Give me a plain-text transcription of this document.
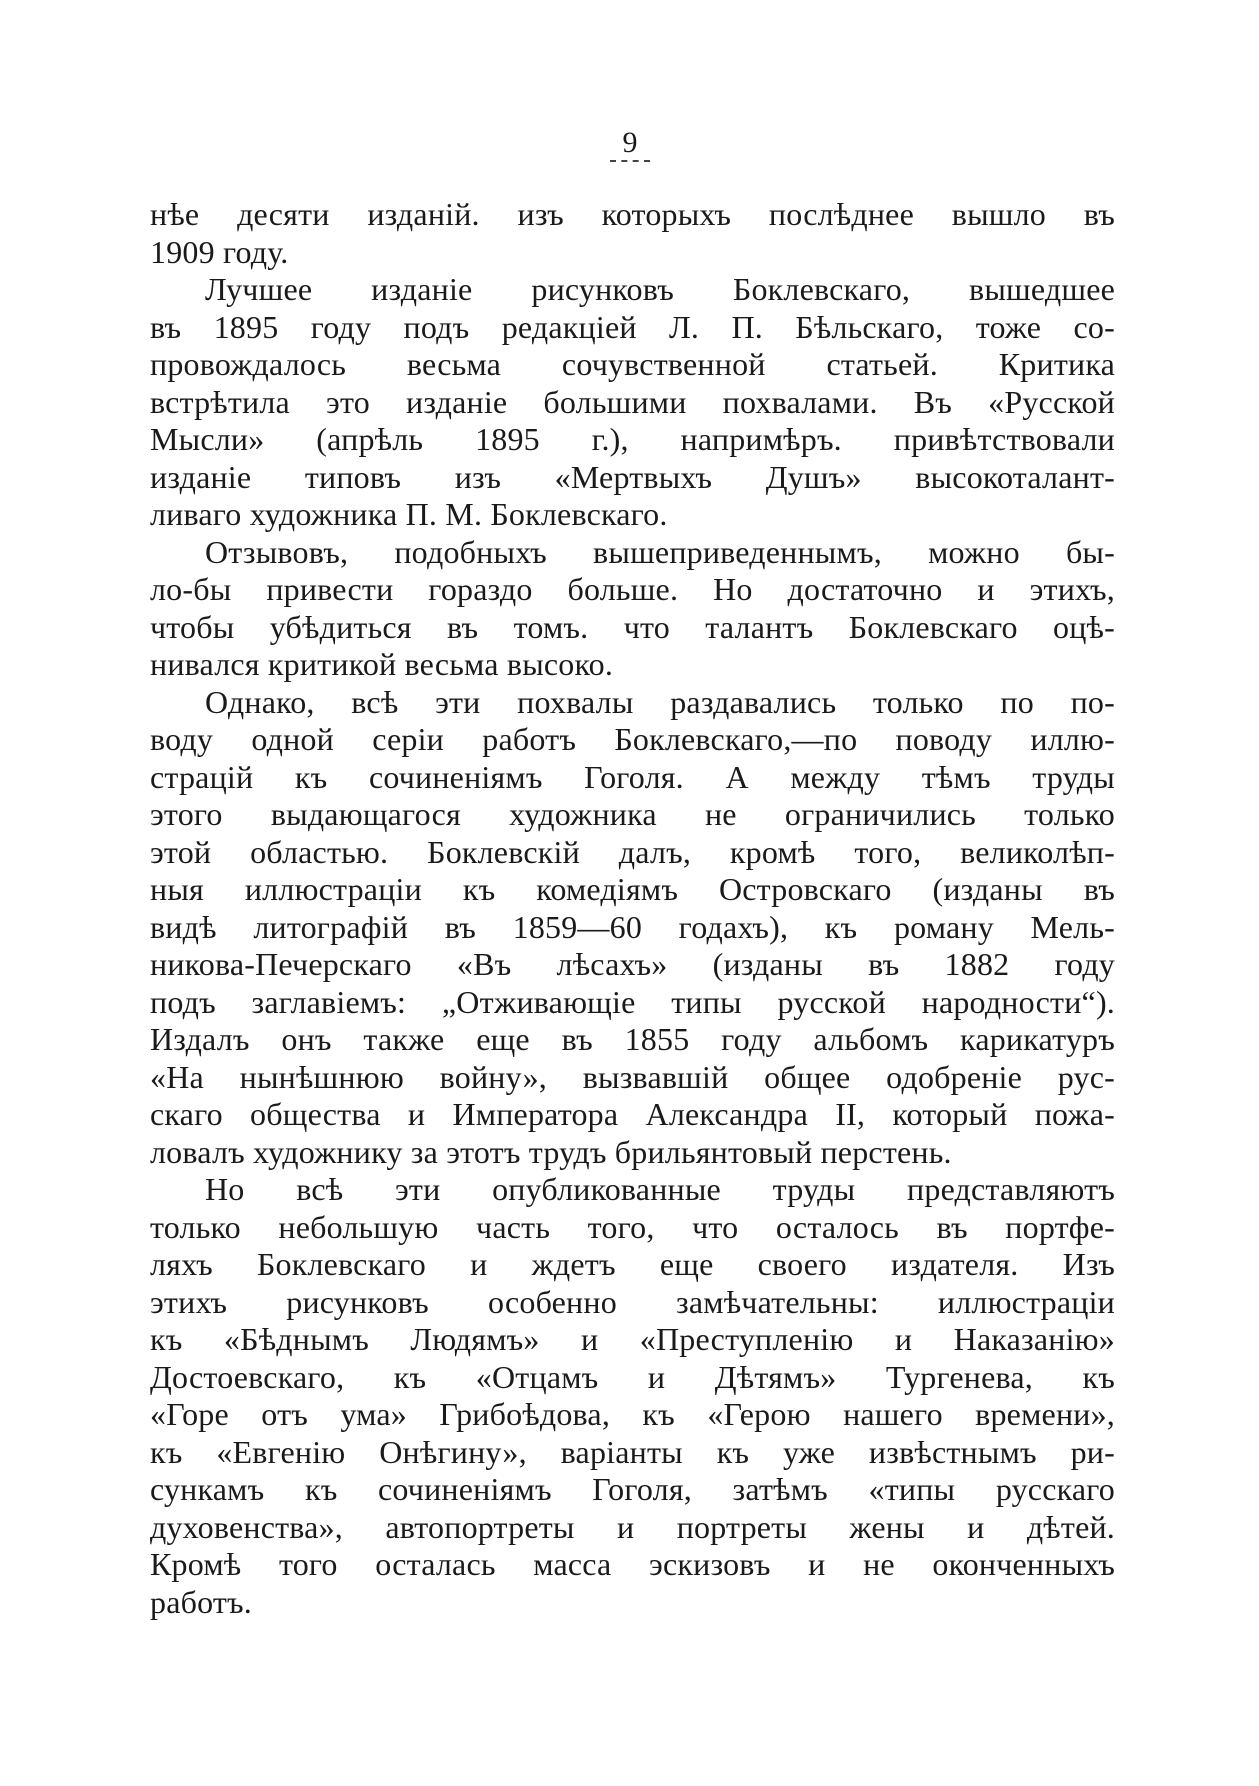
9
нѣе десяти изданій. изъ которыхъ послѣднее вышло въ
1909 году.
Лучшее изданіе рисунковъ Боклевскаго, вышедшее
въ 1895 году подъ редакціей Л. П. Бѣльскаго, тоже со-
провождалось весьма сочувственной статьей. Критика
встрѣтила это изданіе большими похвалами. Въ «Русской
Мысли» (апрѣль 1895 г.), напримѣръ. привѣтствовали
изданіе типовъ изъ «Мертвыхъ Душъ» высокоталант-
ливаго художника П. М. Боклевскаго.
Отзывовъ, подобныхъ вышеприведеннымъ, можно бы-
ло-бы привести гораздо больше. Но достаточно и этихъ,
чтобы убѣдиться въ томъ. что талантъ Боклевскаго оцѣ-
нивался критикой весьма высоко.
Однако, всѣ эти похвалы раздавались только по по-
воду одной серіи работъ Боклевскаго,—по поводу иллю-
страцій къ сочиненіямъ Гоголя. А между тѣмъ труды
этого выдающагося художника не ограничились только
этой областью. Боклевскій далъ, кромѣ того, великолѣп-
ныя иллюстраціи къ комедіямъ Островскаго (изданы въ
видѣ литографій въ 1859—60 годахъ), къ роману Мель-
никова-Печерскаго «Въ лѣсахъ» (изданы въ 1882 году
подъ заглавіемъ: „Отживающіе типы русской народности“).
Издалъ онъ также еще въ 1855 году альбомъ карикатуръ
«На нынѣшнюю войну», вызвавшій общее одобреніе рус-
скаго общества и Императора Александра II, который пожа-
ловалъ художнику за этотъ трудъ брильянтовый перстень.
Но всѣ эти опубликованные труды представляютъ
только небольшую часть того, что осталось въ портфе-
ляхъ Боклевскаго и ждетъ еще своего издателя. Изъ
этихъ рисунковъ особенно замѣчательны: иллюстраціи
къ «Бѣднымъ Людямъ» и «Преступленію и Наказанію»
Достоевскаго, къ «Отцамъ и Дѣтямъ» Тургенева, къ
«Горе отъ ума» Грибоѣдова, къ «Герою нашего времени»,
къ «Евгенію Онѣгину», варіанты къ уже извѣстнымъ ри-
сункамъ къ сочиненіямъ Гоголя, затѣмъ «типы русскаго
духовенства», автопортреты и портреты жены и дѣтей.
Кромѣ того осталась масса эскизовъ и не оконченныхъ
работъ.
